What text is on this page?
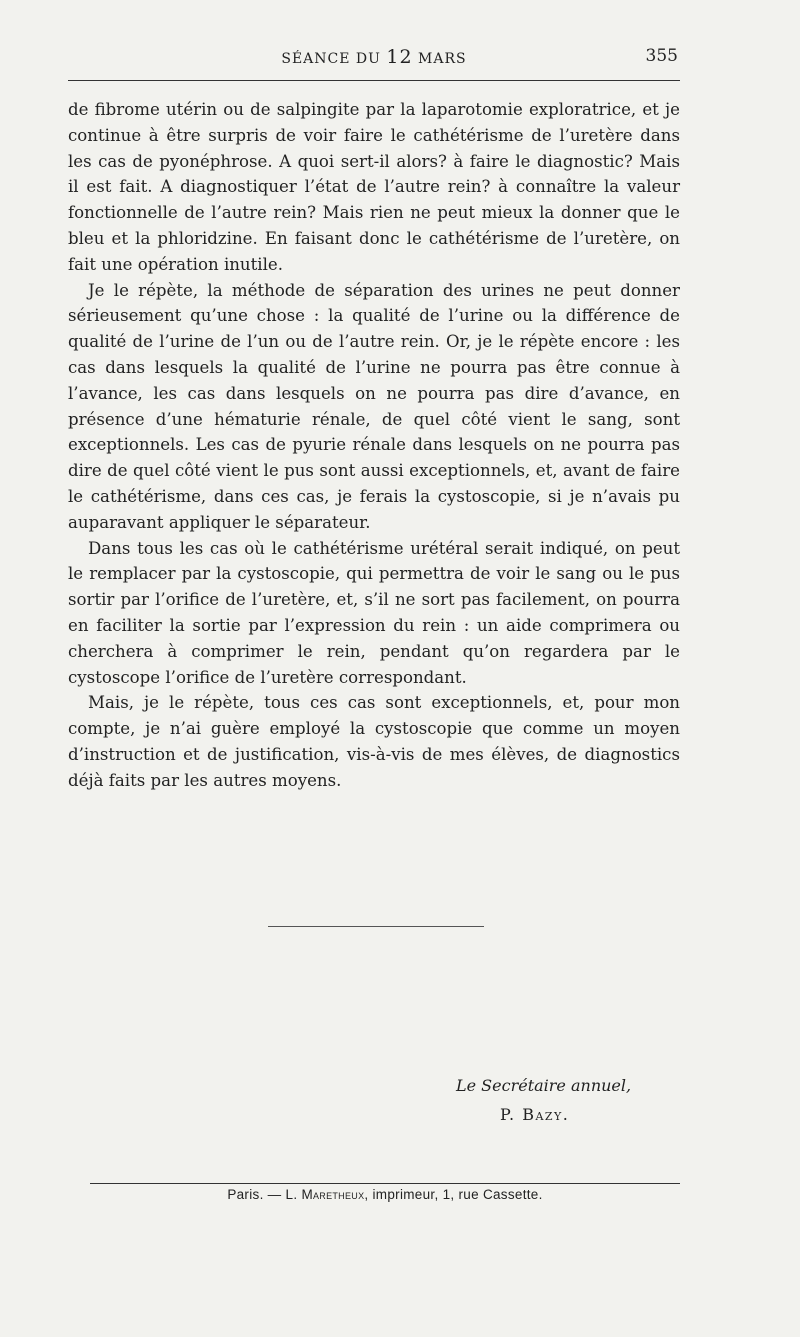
SÉANCE DU 12 MARS	355

de fibrome utérin ou de salpingite par la laparotomie exploratrice, et je continue à être surpris de voir faire le cathétérisme de l’uretère dans les cas de pyonéphrose. A quoi sert-il alors? à faire le diagnostic? Mais il est fait. A diagnostiquer l’état de l’autre rein? à connaître la valeur fonctionnelle de l’autre rein? Mais rien ne peut mieux la donner que le bleu et la phloridzine. En faisant donc le cathétérisme de l’uretère, on fait une opération inutile.

Je le répète, la méthode de séparation des urines ne peut donner sérieusement qu’une chose : la qualité de l’urine ou la différence de qualité de l’urine de l’un ou de l’autre rein. Or, je le répète encore : les cas dans lesquels la qualité de l’urine ne pourra pas être connue à l’avance, les cas dans lesquels on ne pourra pas dire d’avance, en présence d’une hématurie rénale, de quel côté vient le sang, sont exceptionnels. Les cas de pyurie rénale dans lesquels on ne pourra pas dire de quel côté vient le pus sont aussi exceptionnels, et, avant de faire le cathétérisme, dans ces cas, je ferais la cystoscopie, si je n’avais pu auparavant appliquer le séparateur.

Dans tous les cas où le cathétérisme urétéral serait indiqué, on peut le remplacer par la cystoscopie, qui permettra de voir le sang ou le pus sortir par l’orifice de l’uretère, et, s’il ne sort pas facilement, on pourra en faciliter la sortie par l’expression du rein : un aide comprimera ou cherchera à comprimer le rein, pendant qu’on regardera par le cystoscope l’orifice de l’uretère correspondant.

Mais, je le répète, tous ces cas sont exceptionnels, et, pour mon compte, je n’ai guère employé la cystoscopie que comme un moyen d’instruction et de justification, vis-à-vis de mes élèves, de diagnostics déjà faits par les autres moyens.

Le Secrétaire annuel,
P. Bazy.
Paris. — L. Maretheux, imprimeur, 1, rue Cassette.
